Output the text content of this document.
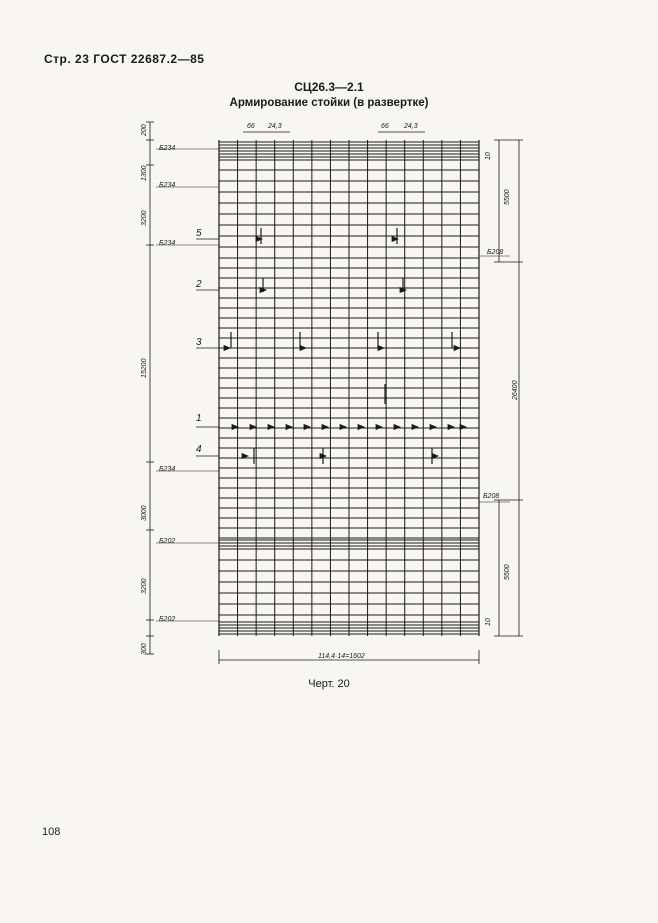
Стр. 23 ГОСТ 22687.2—85
СЦ26.3—2.1
Армирование стойки (в развертке)
66 24,3	66 24,3
200
1300
3200
15200
3000
3200
300
Б234
Б234
Б234
Б234
Б202
Б202
Б208
Б208
10
5500
26400
5500
10
114,4·14=1602
5
2
3
1
4
Черт. 20
108
